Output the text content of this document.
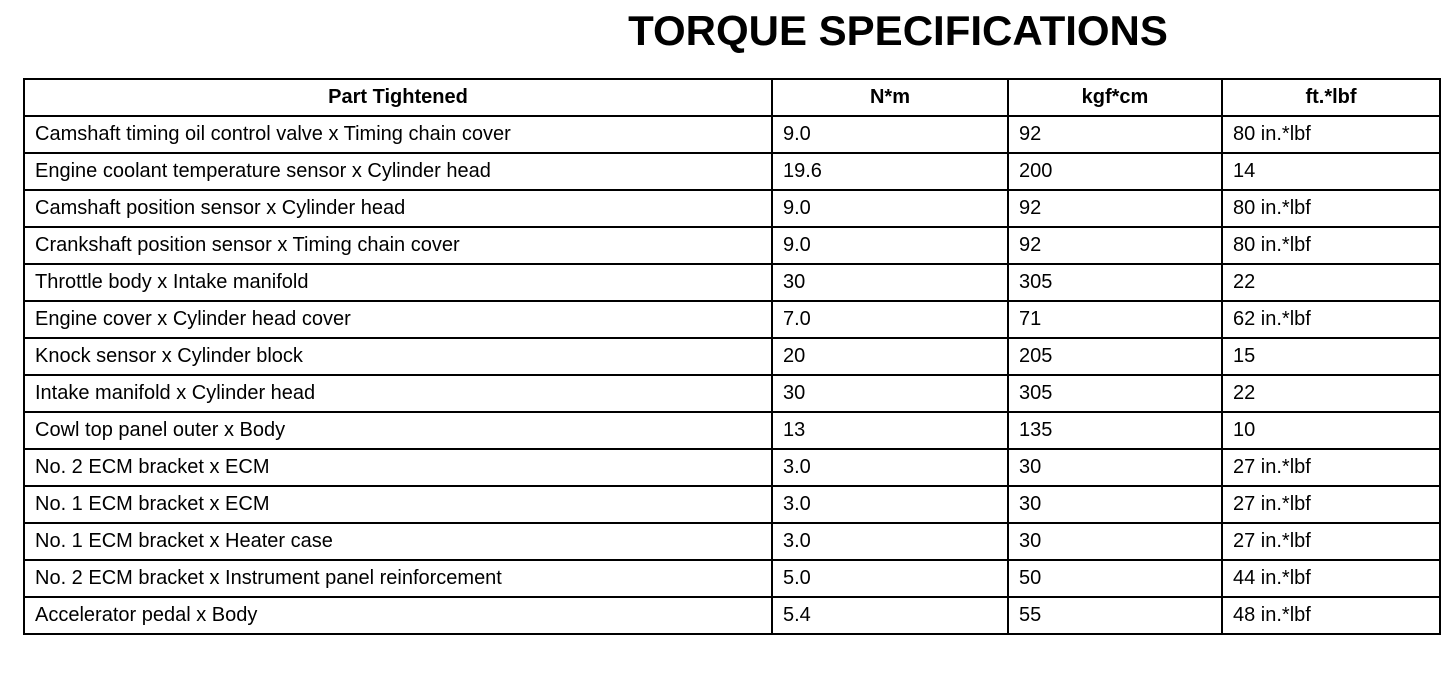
TORQUE SPECIFICATIONS
Part Tightened	N*m	kgf*cm	ft.*lbf
Camshaft timing oil control valve x Timing chain cover	9.0	92	80 in.*lbf
Engine coolant temperature sensor x Cylinder head	19.6	200	14
Camshaft position sensor x Cylinder head	9.0	92	80 in.*lbf
Crankshaft position sensor x Timing chain cover	9.0	92	80 in.*lbf
Throttle body x Intake manifold	30	305	22
Engine cover x Cylinder head cover	7.0	71	62 in.*lbf
Knock sensor x Cylinder block	20	205	15
Intake manifold x Cylinder head	30	305	22
Cowl top panel outer x Body	13	135	10
No. 2 ECM bracket x ECM	3.0	30	27 in.*lbf
No. 1 ECM bracket x ECM	3.0	30	27 in.*lbf
No. 1 ECM bracket x Heater case	3.0	30	27 in.*lbf
No. 2 ECM bracket x Instrument panel reinforcement	5.0	50	44 in.*lbf
Accelerator pedal x Body	5.4	55	48 in.*lbf
